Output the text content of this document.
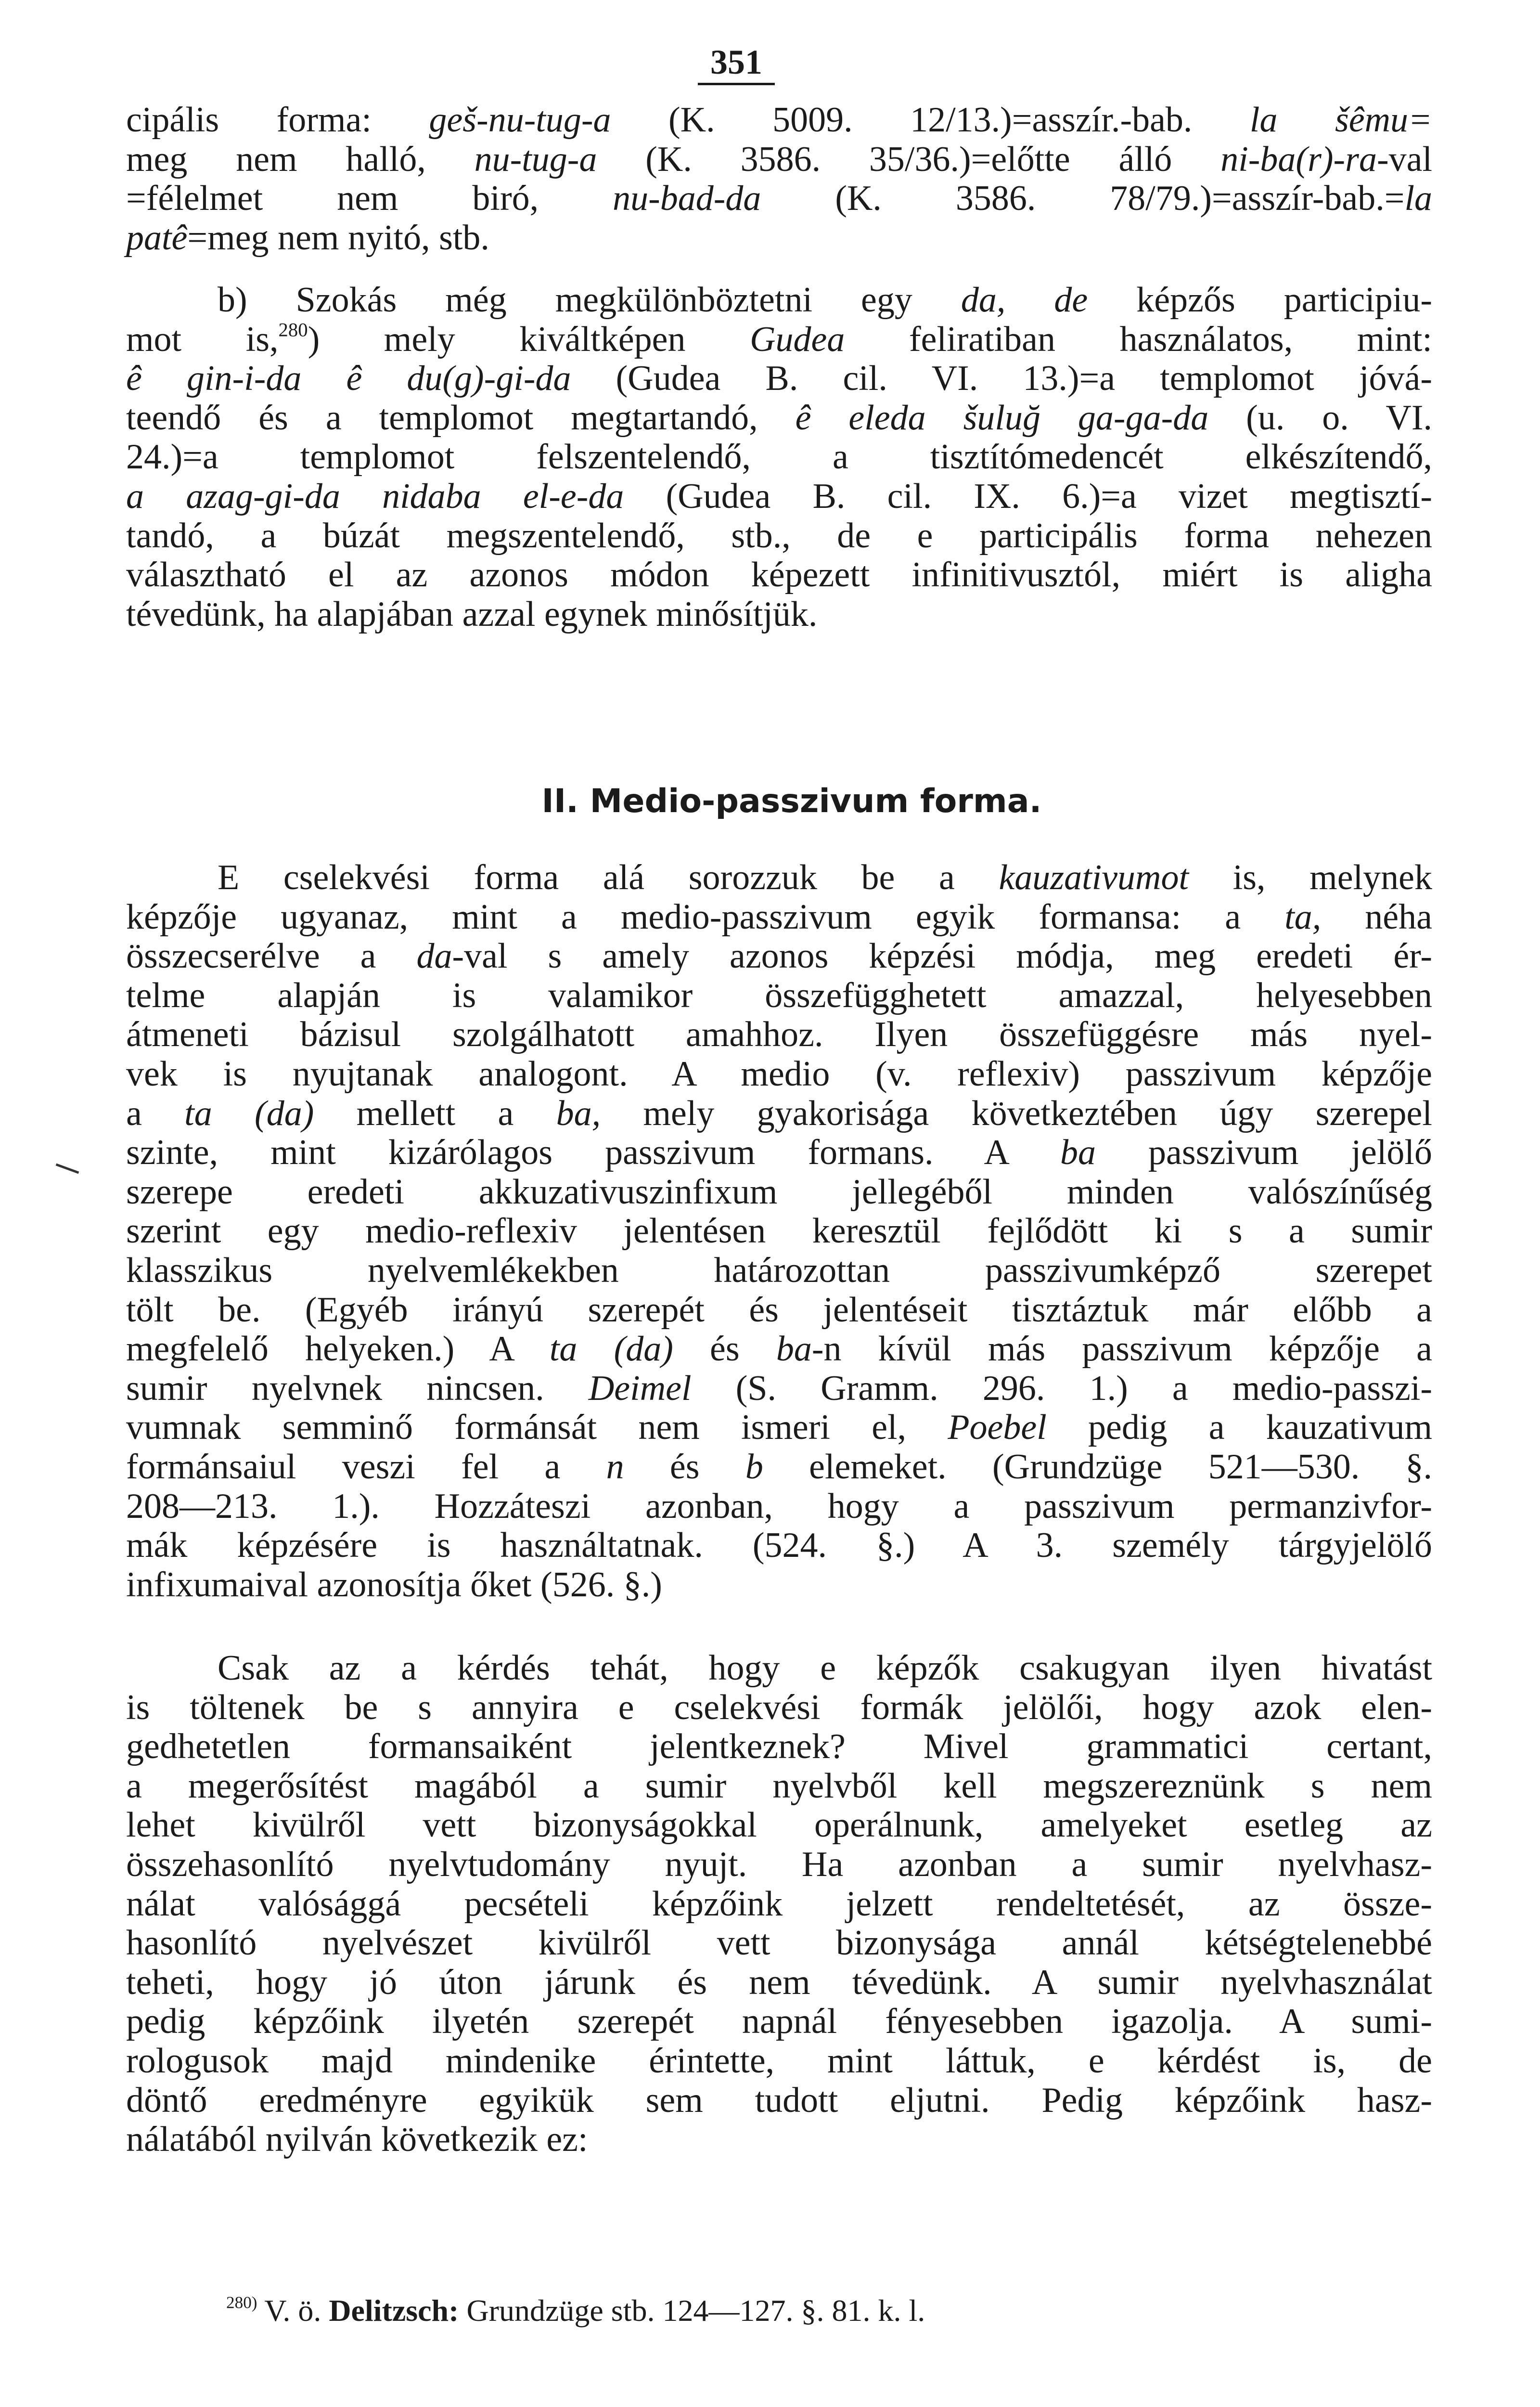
351
cipális forma: geš-nu-tug-a (K. 5009. 12/13.)=asszír.-bab. la šêmu=
meg nem halló, nu-tug-a (K. 3586. 35/36.)=előtte álló ni-ba(r)-ra-val
=félelmet nem biró, nu-bad-da (K. 3586. 78/79.)=asszír-bab.=la
patê=meg nem nyitó, stb.
b) Szokás még megkülönböztetni egy da, de képzős participiu-
mot is,$^{280}$) mely kiváltképen Gudea feliratiban használatos, mint:
ê gin-i-da ê du(g)-gi-da (Gudea B. cil. VI. 13.)=a templomot jóvá-
teendő és a templomot megtartandó, ê eleda šuluğ ga-ga-da (u. o. VI.
24.)=a templomot felszentelendő, a tisztítómedencét elkészítendő,
a azag-gi-da nidaba el-e-da (Gudea B. cil. IX. 6.)=a vizet megtisztí-
tandó, a búzát megszentelendő, stb., de e participális forma nehezen
választható el az azonos módon képezett infinitivusztól, miért is aligha
tévedünk, ha alapjában azzal egynek minősítjük.
II. Medio-passzivum forma.
E cselekvési forma alá sorozzuk be a kauzativumot is, melynek
képzője ugyanaz, mint a medio-passzivum egyik formansa: a ta, néha
összecserélve a da-val s amely azonos képzési módja, meg eredeti ér-
telme alapján is valamikor összefügghetett amazzal, helyesebben
átmeneti bázisul szolgálhatott amahhoz. Ilyen összefüggésre más nyel-
vek is nyujtanak analogont. A medio (v. reflexiv) passzivum képzője
a ta (da) mellett a ba, mely gyakorisága következtében úgy szerepel
szinte, mint kizárólagos passzivum formans. A ba passzivum jelölő
szerepe eredeti akkuzativuszinfixum jellegéből minden valószínűség
szerint egy medio-reflexiv jelentésen keresztül fejlődött ki s a sumir
klasszikus nyelvemlékekben határozottan passzivumképző szerepet
tölt be. (Egyéb irányú szerepét és jelentéseit tisztáztuk már előbb a
megfelelő helyeken.) A ta (da) és ba-n kívül más passzivum képzője a
sumir nyelvnek nincsen. Deimel (S. Gramm. 296. 1.) a medio-passzi-
vumnak semminő formánsát nem ismeri el, Poebel pedig a kauzativum
formánsaiul veszi fel a n és b elemeket. (Grundzüge 521—530. §.
208—213. 1.). Hozzáteszi azonban, hogy a passzivum permanzivfor-
mák képzésére is használtatnak. (524. §.) A 3. személy tárgyjelölő
infixumaival azonosítja őket (526. §.)
Csak az a kérdés tehát, hogy e képzők csakugyan ilyen hivatást
is töltenek be s annyira e cselekvési formák jelölői, hogy azok elen-
gedhetetlen formansaiként jelentkeznek? Mivel grammatici certant,
a megerősítést magából a sumir nyelvből kell megszereznünk s nem
lehet kivülről vett bizonyságokkal operálnunk, amelyeket esetleg az
összehasonlító nyelvtudomány nyujt. Ha azonban a sumir nyelvhasz-
nálat valósággá pecsételi képzőink jelzett rendeltetését, az össze-
hasonlító nyelvészet kivülről vett bizonysága annál kétségtelenebbé
teheti, hogy jó úton járunk és nem tévedünk. A sumir nyelvhasználat
pedig képzőink ilyetén szerepét napnál fényesebben igazolja. A sumi-
rologusok majd mindenike érintette, mint láttuk, e kérdést is, de
döntő eredményre egyikük sem tudott eljutni. Pedig képzőink hasz-
nálatából nyilván következik ez:
$^{280)}$ V. ö. Delitzsch: Grundzüge stb. 124—127. §. 81. k. l.
